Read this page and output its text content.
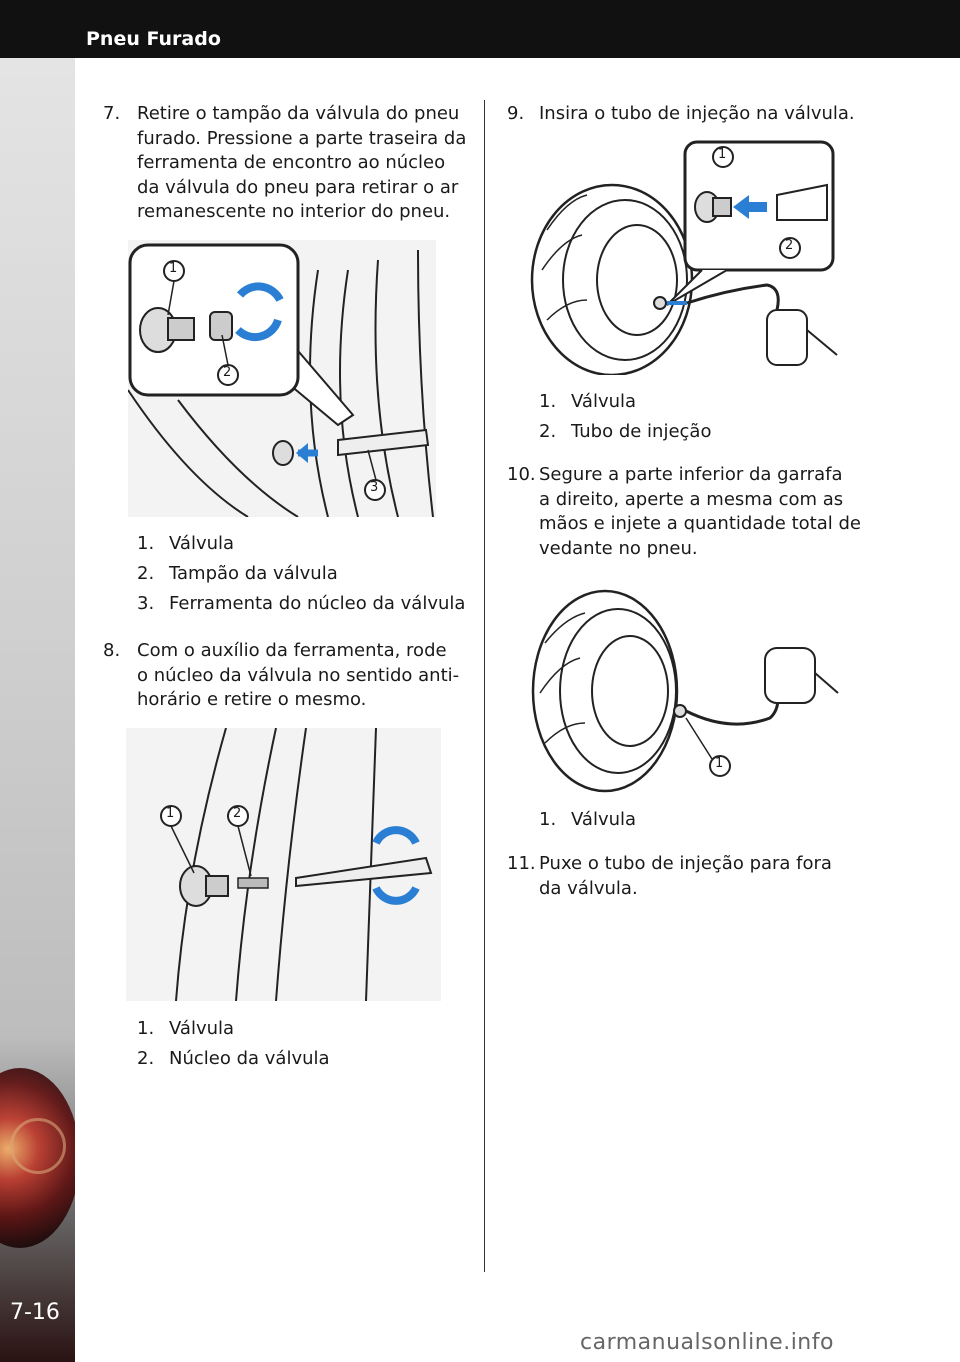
Pneu Furado
7-16
7. Retire o tampão da válvula do pneu
furado. Pressione a parte traseira da
ferramenta de encontro ao núcleo
da válvula do pneu para retirar o ar
remanescente no interior do pneu.
1
2
3
1. Válvula
2. Tampão da válvula
3. Ferramenta do núcleo da válvula
8. Com o auxílio da ferramenta, rode
o núcleo da válvula no sentido anti-
horário e retire o mesmo.
1	2
1. Válvula
2. Núcleo da válvula
9. Insira o tubo de injeção na válvula.
1
2
1. Válvula
2. Tubo de injeção
10. Segure a parte inferior da garrafa
a direito, aperte a mesma com as
mãos e injete a quantidade total de
vedante no pneu.
1
1. Válvula
11. Puxe o tubo de injeção para fora
da válvula.
carmanualsonline.info
